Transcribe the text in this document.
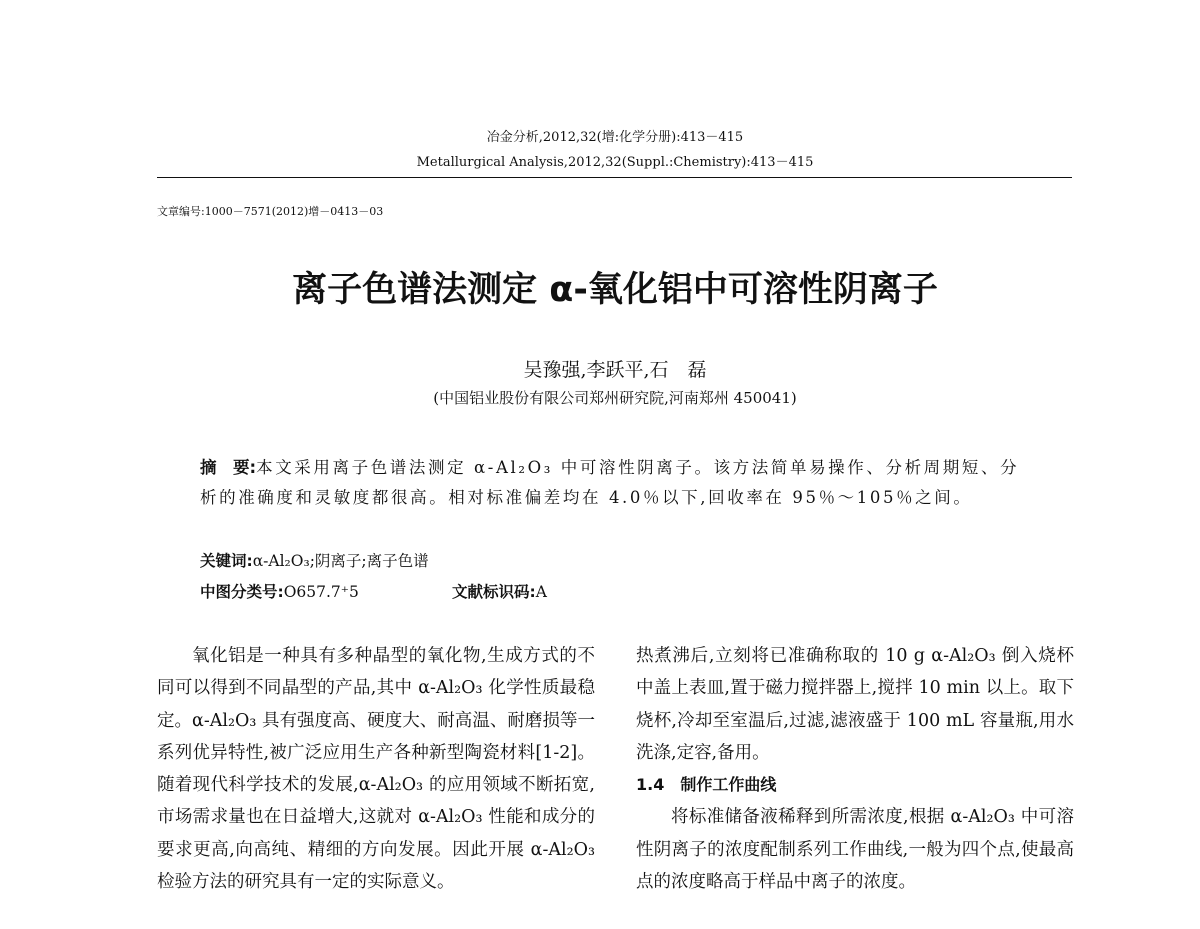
冶金分析,2012,32(增:化学分册):413－415
Metallurgical Analysis,2012,32(Suppl.:Chemistry):413－415
文章编号:1000－7571(2012)增－0413－03
离子色谱法测定 α-氧化铝中可溶性阴离子
吴豫强,李跃平,石　磊
(中国铝业股份有限公司郑州研究院,河南郑州 450041)
摘　要:本文采用离子色谱法测定 α-Al₂O₃ 中可溶性阴离子。该方法简单易操作、分析周期短、分析的准确度和灵敏度都很高。相对标准偏差均在 4.0％以下,回收率在 95％～105％之间。
关键词:α-Al₂O₃;阴离子;离子色谱
中图分类号:O657.7⁺5	文献标识码:A

氧化铝是一种具有多种晶型的氧化物,生成方式的不同可以得到不同晶型的产品,其中 α-Al₂O₃ 化学性质最稳定。α-Al₂O₃ 具有强度高、硬度大、耐高温、耐磨损等一系列优异特性,被广泛应用生产各种新型陶瓷材料[1-2]。随着现代科学技术的发展,α-Al₂O₃ 的应用领域不断拓宽,市场需求量也在日益增大,这就对 α-Al₂O₃ 性能和成分的要求更高,向高纯、精细的方向发展。因此开展 α-Al₂O₃ 检验方法的研究具有一定的实际意义。

热煮沸后,立刻将已准确称取的 10 g α-Al₂O₃ 倒入烧杯中盖上表皿,置于磁力搅拌器上,搅拌 10 min 以上。取下烧杯,冷却至室温后,过滤,滤液盛于 100 mL 容量瓶,用水洗涤,定容,备用。

1.4　制作工作曲线

将标准储备液稀释到所需浓度,根据 α-Al₂O₃ 中可溶性阴离子的浓度配制系列工作曲线,一般为四个点,使最高点的浓度略高于样品中离子的浓度。
